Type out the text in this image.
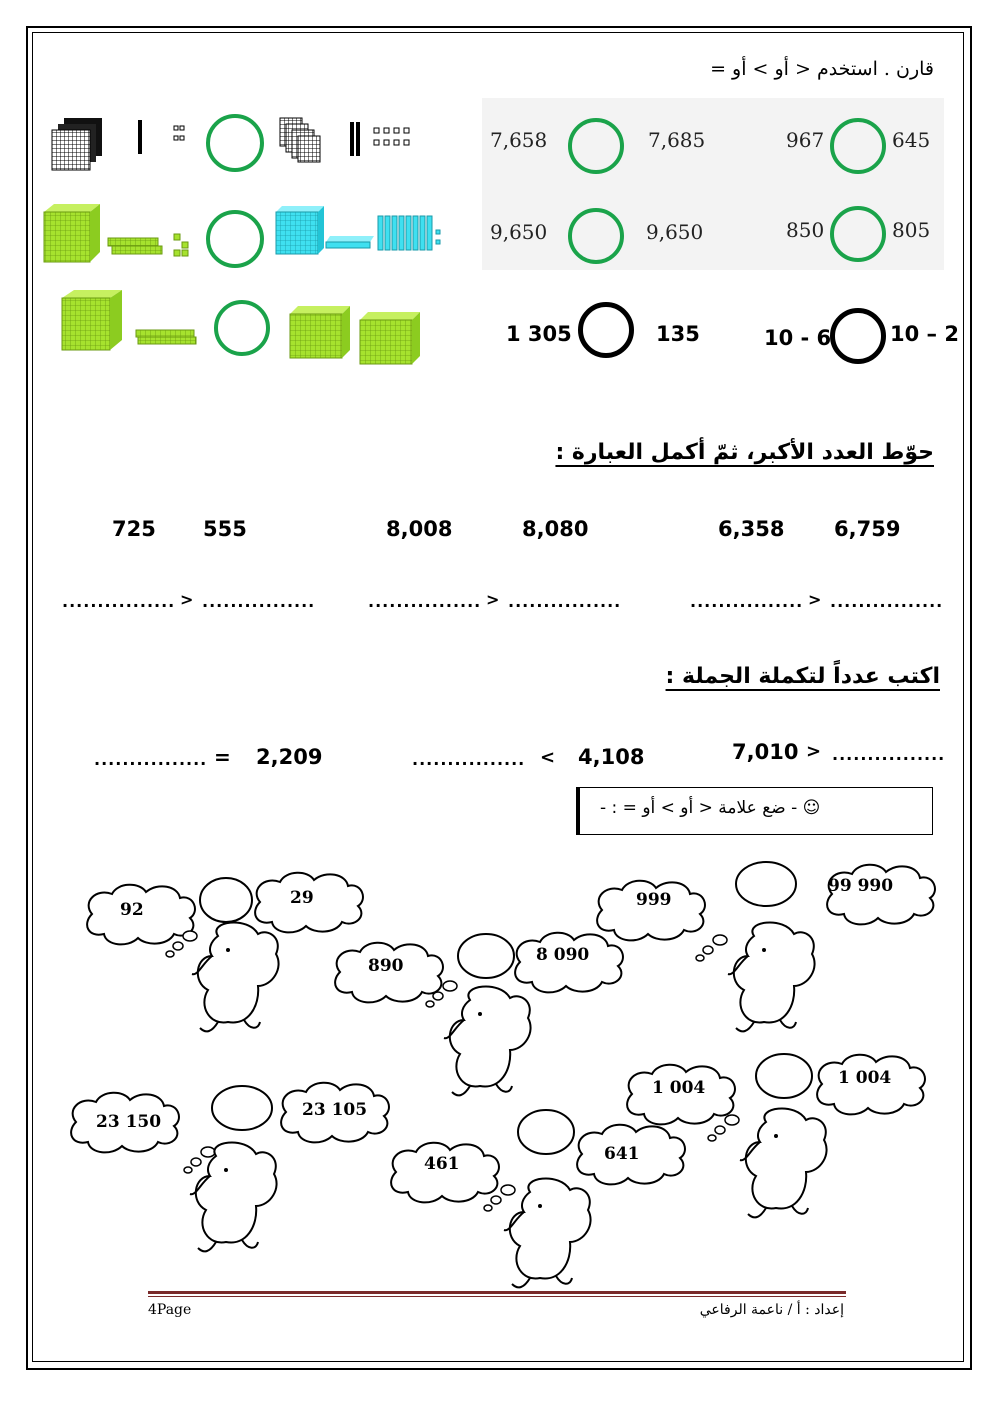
قارن . استخدم < أو > أو =
7,658	7,685	967	645
9,650	9,650	850	805
1 305	135	10 - 6	10 – 2
حوّط العدد الأكبر، ثمّ أكمل العبارة :
725 555	8,008	8,080	6,358 6,759
................ > ................	................ > ................	................ > ................
اكتب عدداً لتكملة الجملة :
................ = 2,209	................ < 4,108	7,010 > ................
☺ - ضع علامة < أو > أو = : -
92
29
890
8 090
999
99 990
23 150
23 105
461	641
1 004	1 004
4Page	إعداد : أ / ناعمة الرفاعي
